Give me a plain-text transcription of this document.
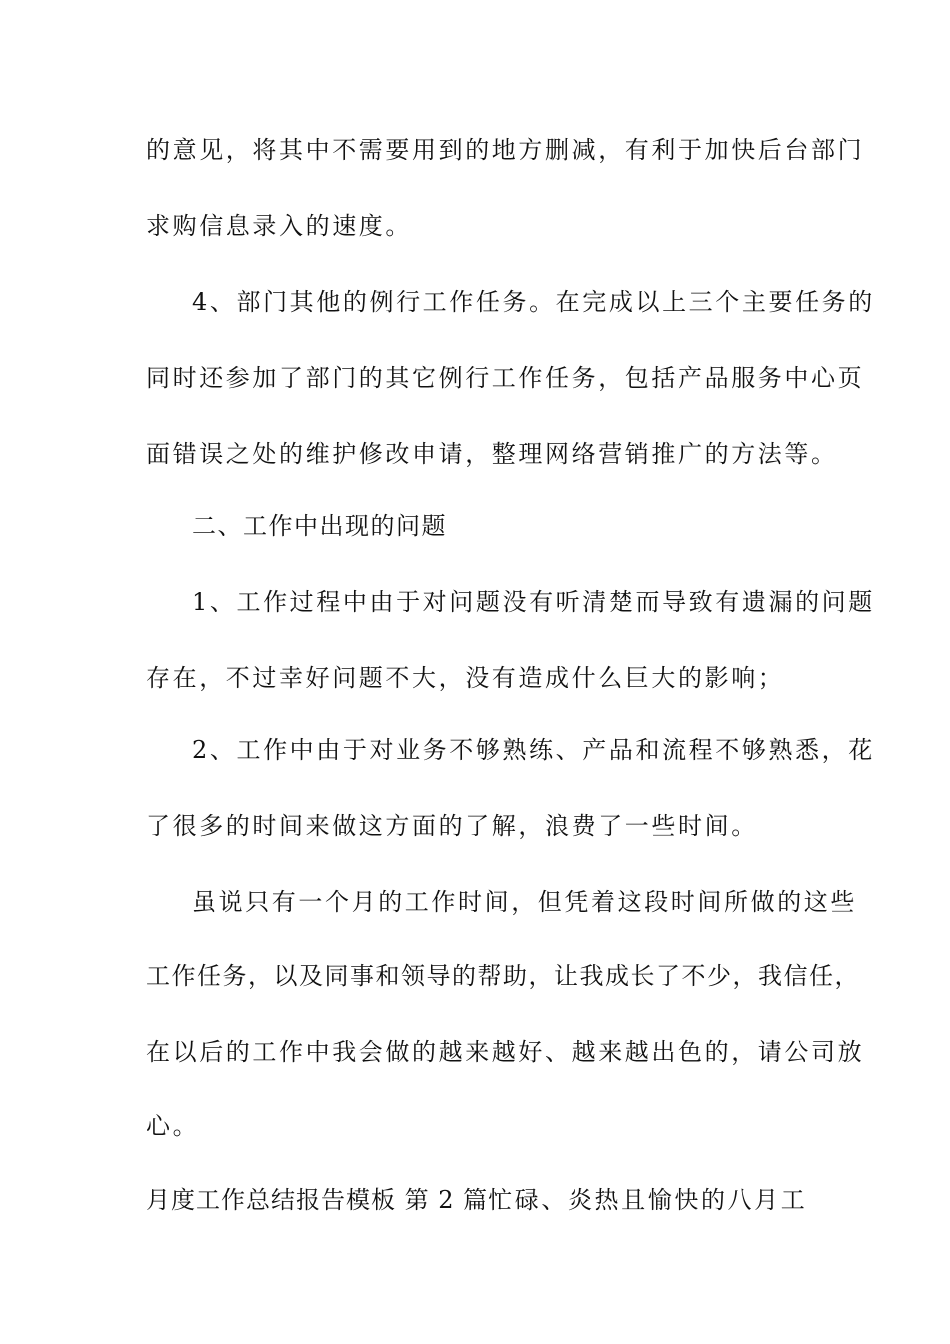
的意见，将其中不需要用到的地方删减，有利于加快后台部门
求购信息录入的速度。
4、部门其他的例行工作任务。在完成以上三个主要任务的
同时还参加了部门的其它例行工作任务，包括产品服务中心页
面错误之处的维护修改申请，整理网络营销推广的方法等。
二、工作中出现的问题
1、工作过程中由于对问题没有听清楚而导致有遗漏的问题
存在，不过幸好问题不大，没有造成什么巨大的影响；
2、工作中由于对业务不够熟练、产品和流程不够熟悉，花
了很多的时间来做这方面的了解，浪费了一些时间。
虽说只有一个月的工作时间，但凭着这段时间所做的这些
工作任务，以及同事和领导的帮助，让我成长了不少，我信任，
在以后的工作中我会做的越来越好、越来越出色的，请公司放
心。
月度工作总结报告模板 第 2 篇 忙碌、炎热且愉快的八月工
